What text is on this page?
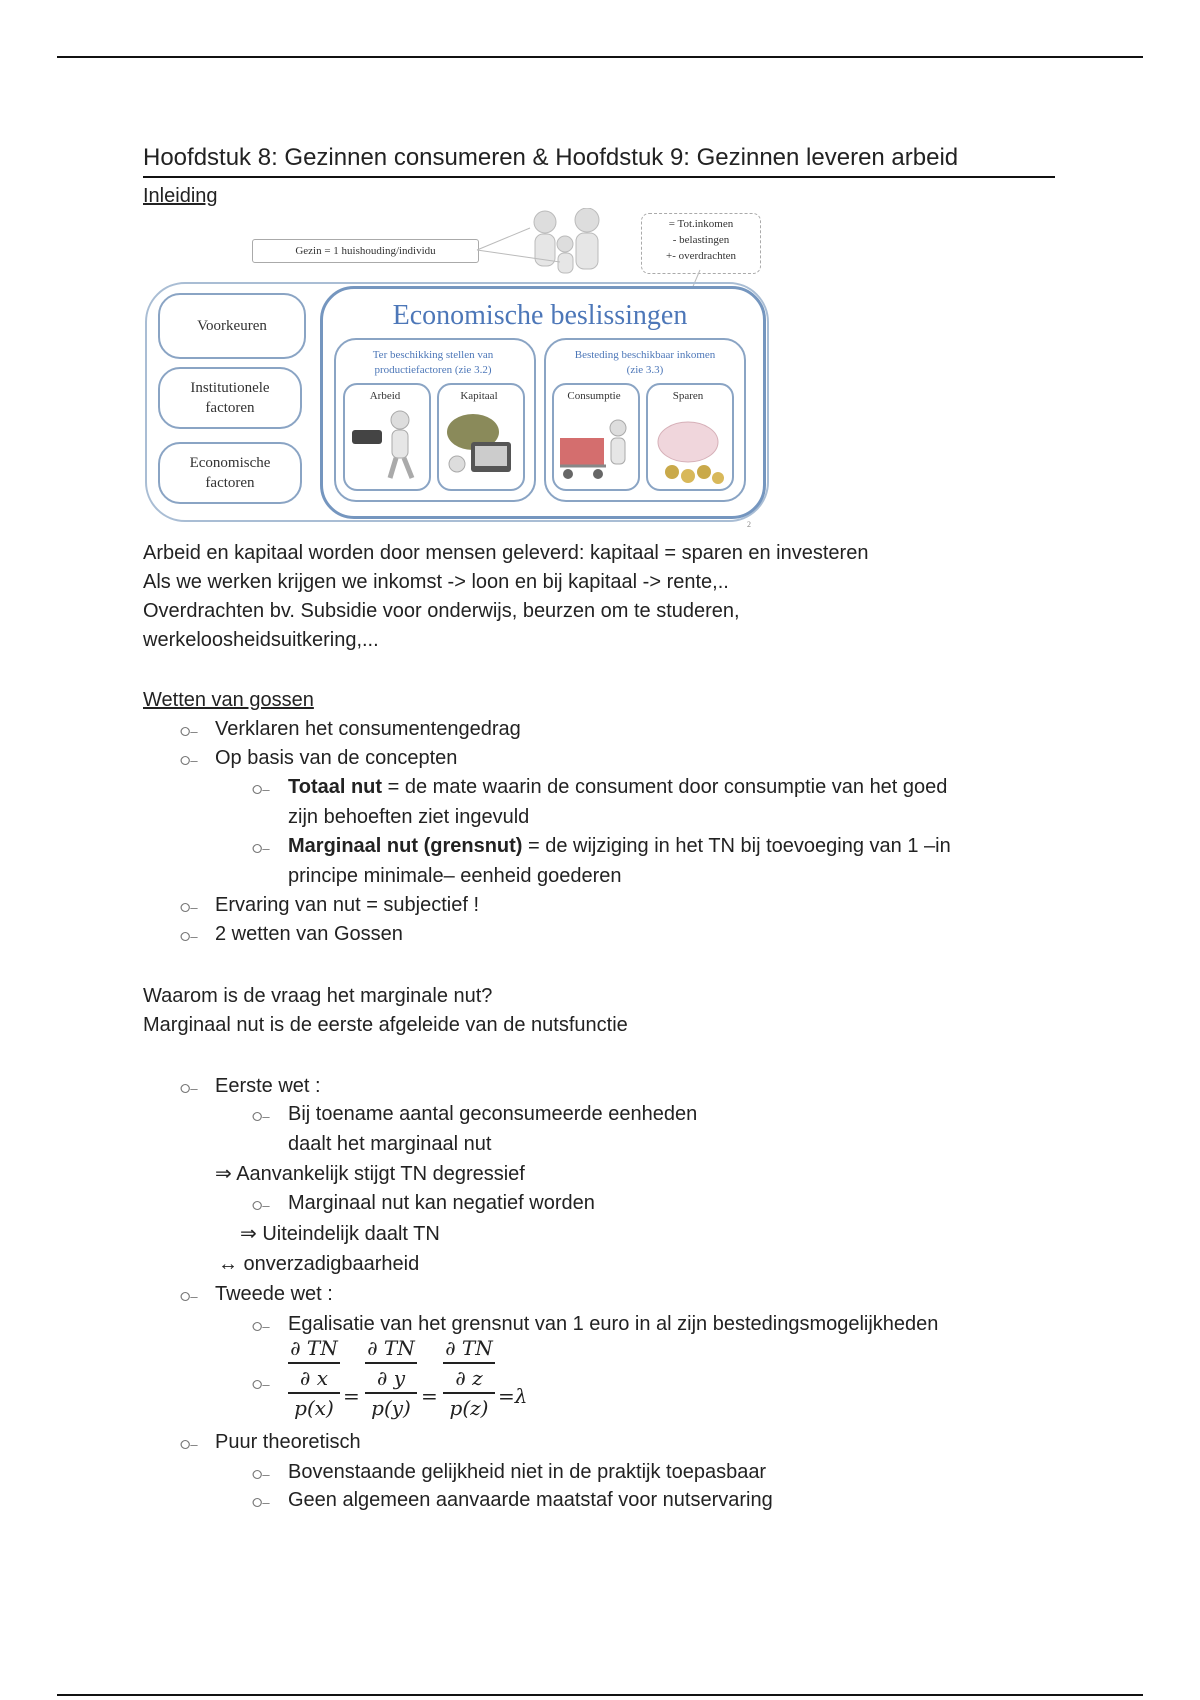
Hoofdstuk 8: Gezinnen consumeren & Hoofdstuk 9: Gezinnen leveren arbeid
Inleiding
Gezin = 1 huishouding/individu
= Tot.inkomen
- belastingen
+- overdrachten
Voorkeuren
Institutionele factoren
Economische factoren
Economische beslissingen
Ter beschikking stellen van productiefactoren (zie 3.2)
Besteding beschikbaar inkomen (zie 3.3)
Arbeid	Kapitaal	Consumptie	Sparen
2
Arbeid en kapitaal worden door mensen geleverd: kapitaal = sparen en investeren
Als we werken krijgen we inkomst -> loon en bij kapitaal -> rente,..
Overdrachten bv. Subsidie voor onderwijs, beurzen om te studeren,
werkeloosheidsuitkering,...
Wetten van gossen
⭘– Verklaren het consumentengedrag
⭘– Op basis van de concepten
⭘– Totaal nut = de mate waarin de consument door consumptie van het goed
zijn behoeften ziet ingevuld
⭘– Marginaal nut (grensnut) = de wijziging in het TN bij toevoeging van 1 –in
principe minimale– eenheid goederen
⭘– Ervaring van nut = subjectief !
⭘– 2 wetten van Gossen
Waarom is de vraag het marginale nut?
Marginaal nut is de eerste afgeleide van de nutsfunctie
⭘– Eerste wet :
⭘– Bij toename aantal geconsumeerde eenheden
daalt het marginaal nut
⇒ Aanvankelijk stijgt TN degressief
⭘– Marginaal nut kan negatief worden
⇒ Uiteindelijk daalt TN
↔ onverzadigbaarheid
⭘– Tweede wet :
⭘– Egalisatie van het grensnut van 1 euro in al zijn bestedingsmogelijkheden
⭘–
∂ TN
∂ x
p(x) =
∂ TN
∂ y
p(y) =
∂ TN
∂ z
p(z) =λ
⭘– Puur theoretisch
⭘– Bovenstaande gelijkheid niet in de praktijk toepasbaar
⭘– Geen algemeen aanvaarde maatstaf voor nutservaring
